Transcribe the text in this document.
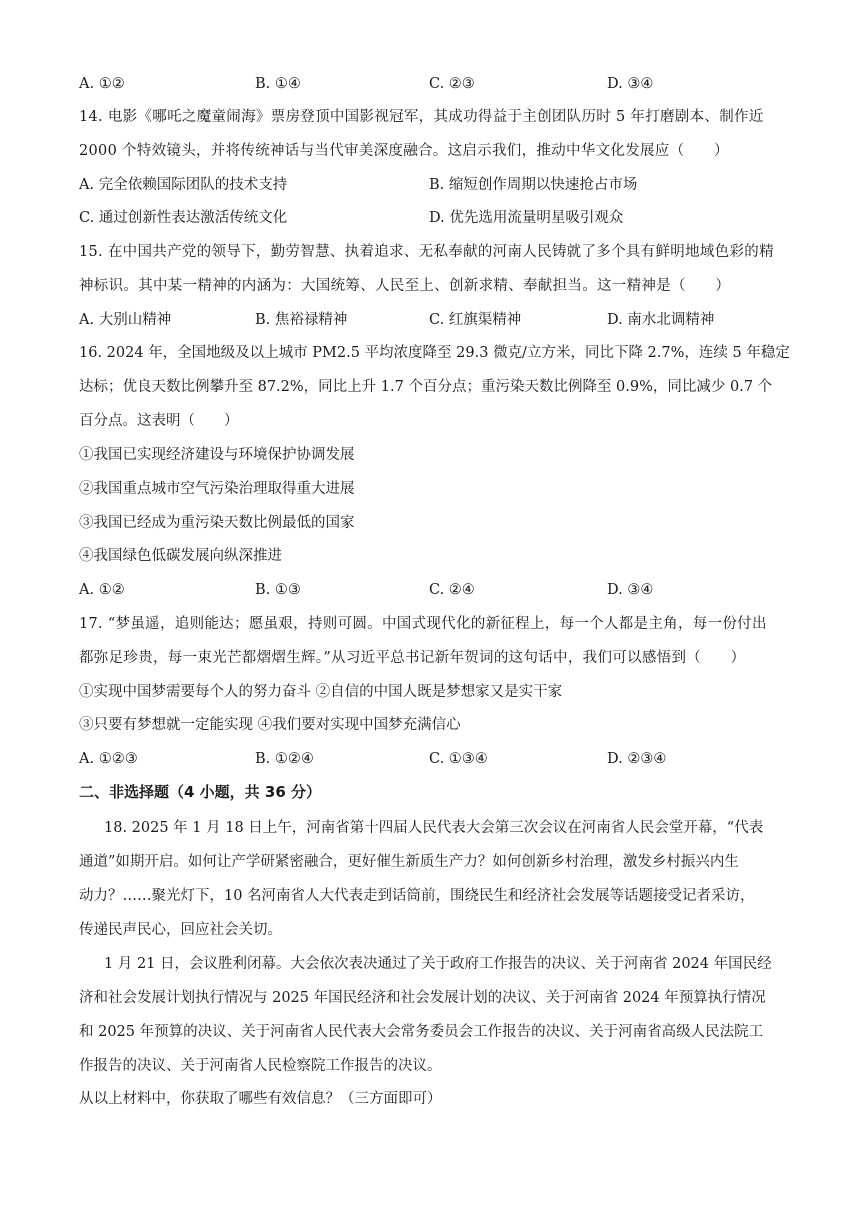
A. ①②	B. ①④	C. ②③	D. ③④
14. 电影《哪吒之魔童闹海》票房登顶中国影视冠军，其成功得益于主创团队历时 5 年打磨剧本、制作近
2000 个特效镜头，并将传统神话与当代审美深度融合。这启示我们，推动中华文化发展应（　　）
A. 完全依赖国际团队的技术支持	B. 缩短创作周期以快速抢占市场
C. 通过创新性表达激活传统文化	D. 优先选用流量明星吸引观众
15. 在中国共产党的领导下，勤劳智慧、执着追求、无私奉献的河南人民铸就了多个具有鲜明地域色彩的精
神标识。其中某一精神的内涵为：大国统筹、人民至上、创新求精、奉献担当。这一精神是（　　）
A. 大别山精神	B. 焦裕禄精神	C. 红旗渠精神	D. 南水北调精神
16. 2024 年，全国地级及以上城市 PM2.5 平均浓度降至 29.3 微克/立方米，同比下降 2.7%，连续 5 年稳定
达标；优良天数比例攀升至 87.2%，同比上升 1.7 个百分点；重污染天数比例降至 0.9%，同比减少 0.7 个
百分点。这表明（　　）
①我国已实现经济建设与环境保护协调发展
②我国重点城市空气污染治理取得重大进展
③我国已经成为重污染天数比例最低的国家
④我国绿色低碳发展向纵深推进
A. ①②	B. ①③	C. ②④	D. ③④
17. “梦虽遥，追则能达；愿虽艰，持则可圆。中国式现代化的新征程上，每一个人都是主角，每一份付出
都弥足珍贵，每一束光芒都熠熠生辉。”从习近平总书记新年贺词的这句话中，我们可以感悟到（　　）
①实现中国梦需要每个人的努力奋斗 ②自信的中国人既是梦想家又是实干家
③只要有梦想就一定能实现 ④我们要对实现中国梦充满信心
A. ①②③	B. ①②④	C. ①③④	D. ②③④
二、非选择题（4 小题，共 36 分）
18. 2025 年 1 月 18 日上午，河南省第十四届人民代表大会第三次会议在河南省人民会堂开幕，“代表
通道”如期开启。如何让产学研紧密融合，更好催生新质生产力？如何创新乡村治理，激发乡村振兴内生
动力？……聚光灯下，10 名河南省人大代表走到话筒前，围绕民生和经济社会发展等话题接受记者采访，
传递民声民心，回应社会关切。
1 月 21 日，会议胜利闭幕。大会依次表决通过了关于政府工作报告的决议、关于河南省 2024 年国民经
济和社会发展计划执行情况与 2025 年国民经济和社会发展计划的决议、关于河南省 2024 年预算执行情况
和 2025 年预算的决议、关于河南省人民代表大会常务委员会工作报告的决议、关于河南省高级人民法院工
作报告的决议、关于河南省人民检察院工作报告的决议。
从以上材料中，你获取了哪些有效信息？（三方面即可）
